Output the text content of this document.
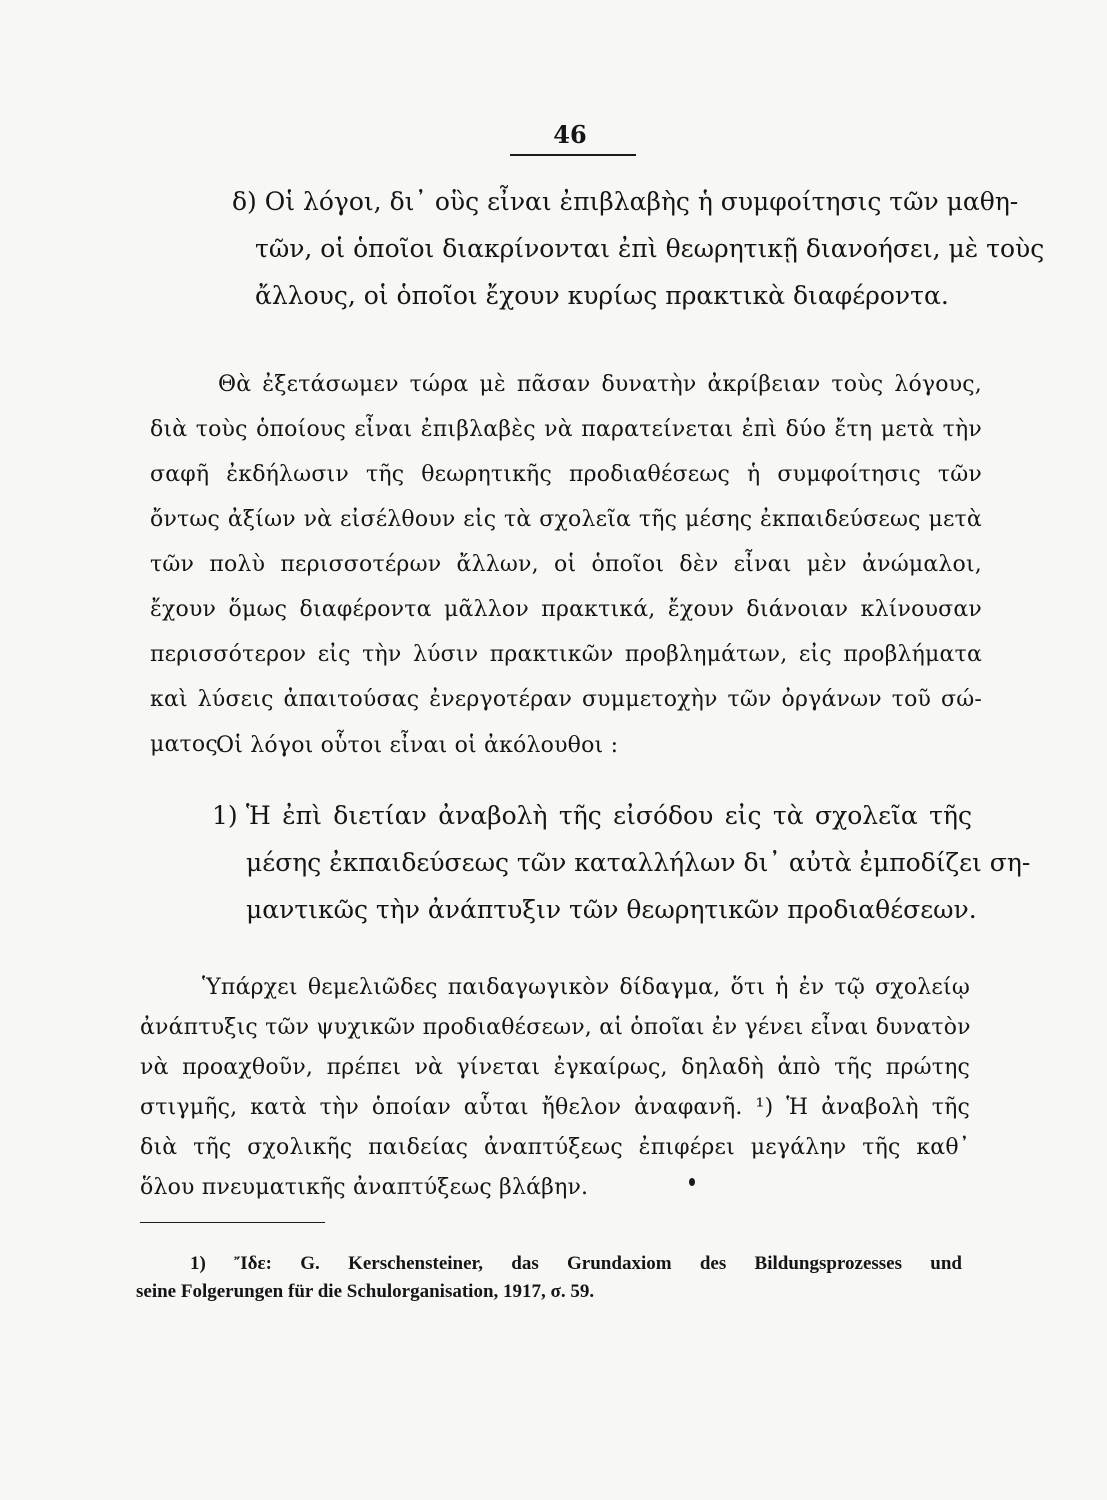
46
δ) Οἱ λόγοι, δι᾽ οὓς εἶναι ἐπιβλαβὴς ἡ συμφοίτησις τῶν μαθη-
τῶν, οἱ ὁποῖοι διακρίνονται ἐπὶ θεωρητικῇ διανοήσει, μὲ τοὺς
ἄλλους, οἱ ὁποῖοι ἔχουν κυρίως πρακτικὰ διαφέροντα.
Θὰ ἐξετάσωμεν τώρα μὲ πᾶσαν δυνατὴν ἀκρίβειαν τοὺς λόγους,
διὰ τοὺς ὁποίους εἶναι ἐπιβλαβὲς νὰ παρατείνεται ἐπὶ δύο ἔτη μετὰ τὴν
σαφῆ ἐκδήλωσιν τῆς θεωρητικῆς προδιαθέσεως ἡ συμφοίτησις τῶν
ὄντως ἀξίων νὰ εἰσέλθουν εἰς τὰ σχολεῖα τῆς μέσης ἐκπαιδεύσεως μετὰ
τῶν πολὺ περισσοτέρων ἄλλων, οἱ ὁποῖοι δὲν εἶναι μὲν ἀνώμαλοι,
ἔχουν ὅμως διαφέροντα μᾶλλον πρακτικά, ἔχουν διάνοιαν κλίνουσαν
περισσότερον εἰς τὴν λύσιν πρακτικῶν προβλημάτων, εἰς προβλήματα
καὶ λύσεις ἀπαιτούσας ἐνεργοτέραν συμμετοχὴν τῶν ὀργάνων τοῦ σώ-
ματος.
Οἱ λόγοι οὗτοι εἶναι οἱ ἀκόλουθοι :
1) Ἡ ἐπὶ διετίαν ἀναβολὴ τῆς εἰσόδου εἰς τὰ σχολεῖα τῆς
μέσης ἐκπαιδεύσεως τῶν καταλλήλων δι᾽ αὐτὰ ἐμποδίζει ση-
μαντικῶς τὴν ἀνάπτυξιν τῶν θεωρητικῶν προδιαθέσεων.
Ὑπάρχει θεμελιῶδες παιδαγωγικὸν δίδαγμα, ὅτι ἡ ἐν τῷ σχολείῳ
ἀνάπτυξις τῶν ψυχικῶν προδιαθέσεων, αἱ ὁποῖαι ἐν γένει εἶναι δυνατὸν
νὰ προαχθοῦν, πρέπει νὰ γίνεται ἐγκαίρως, δηλαδὴ ἀπὸ τῆς πρώτης
στιγμῆς, κατὰ τὴν ὁποίαν αὗται ἤθελον ἀναφανῆ. ¹) Ἡ ἀναβολὴ τῆς
διὰ τῆς σχολικῆς παιδείας ἀναπτύξεως ἐπιφέρει μεγάλην τῆς καθ᾽
ὅλου πνευματικῆς ἀναπτύξεως βλάβην.
1) Ἴδε: G. Kerschensteiner, das Grundaxiom des Bildungsprozesses und
seine Folgerungen für die Schulorganisation, 1917, σ. 59.
